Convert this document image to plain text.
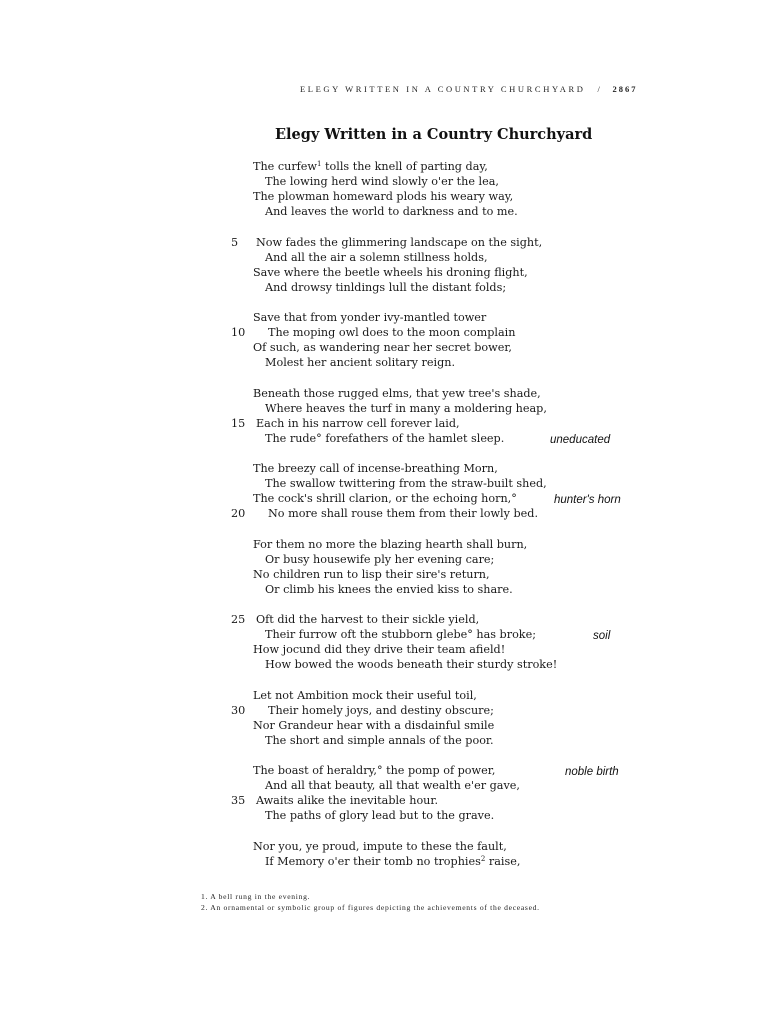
ELEGY WRITTEN IN A COUNTRY CHURCHYARD / 2867
Elegy Written in a Country Churchyard
The curfew$^1$ tolls the knell of parting day,
The lowing herd wind slowly o'er the lea,
The plowman homeward plods his weary way,
And leaves the world to darkness and to me.
Now fades the glimmering landscape on the sight,
5
And all the air a solemn stillness holds,
Save where the beetle wheels his droning flight,
And drowsy tinldings lull the distant folds;
Save that from yonder ivy-mantled tower
The moping owl does to the moon complain
10
Of such, as wandering near her secret bower,
Molest her ancient solitary reign.
Beneath those rugged elms, that yew tree's shade,
Where heaves the turf in many a moldering heap,
Each in his narrow cell forever laid,
15
The rude° forefathers of the hamlet sleep.	uneducated
The breezy call of incense-breathing Morn,
The swallow twittering from the straw-built shed,
The cock's shrill clarion, or the echoing horn,°	hunter's horn
No more shall rouse them from their lowly bed.
20
For them no more the blazing hearth shall burn,
Or busy housewife ply her evening care;
No children run to lisp their sire's return,
Or climb his knees the envied kiss to share.
Oft did the harvest to their sickle yield,
25
Their furrow oft the stubborn glebe° has broke;	soil
How jocund did they drive their team afield!
How bowed the woods beneath their sturdy stroke!
Let not Ambition mock their useful toil,
Their homely joys, and destiny obscure;
30
Nor Grandeur hear with a disdainful smile
The short and simple annals of the poor.
The boast of heraldry,° the pomp of power,	noble birth
And all that beauty, all that wealth e'er gave,
Awaits alike the inevitable hour.
35
The paths of glory lead but to the grave.
Nor you, ye proud, impute to these the fault,
If Memory o'er their tomb no trophies$^2$ raise,
1. A bell rung in the evening.
2. An ornamental or symbolic group of figures depicting the achievements of the deceased.
